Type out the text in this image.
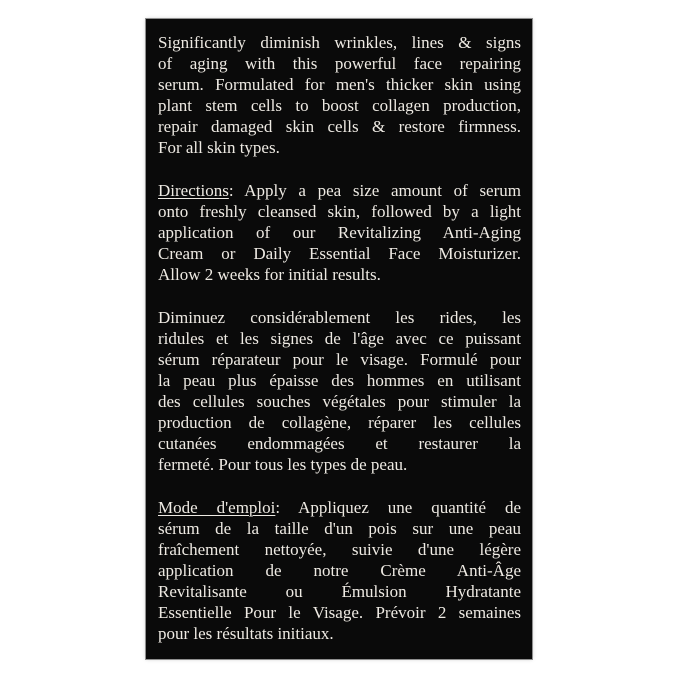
Significantly diminish wrinkles, lines & signs
of aging with this powerful face repairing
serum. Formulated for men's thicker skin using
plant stem cells to boost collagen production,
repair damaged skin cells & restore firmness.
For all skin types.
Directions: Apply a pea size amount of serum
onto freshly cleansed skin, followed by a light
application of our Revitalizing Anti-Aging
Cream or Daily Essential Face Moisturizer.
Allow 2 weeks for initial results.
Diminuez considérablement les rides, les
ridules et les signes de l'âge avec ce puissant
sérum réparateur pour le visage. Formulé pour
la peau plus épaisse des hommes en utilisant
des cellules souches végétales pour stimuler la
production de collagène, réparer les cellules
cutanées endommagées et restaurer la
fermeté. Pour tous les types de peau.
Mode d'emploi: Appliquez une quantité de
sérum de la taille d'un pois sur une peau
fraîchement nettoyée, suivie d'une légère
application de notre Crème Anti-Âge
Revitalisante ou Émulsion Hydratante
Essentielle Pour le Visage. Prévoir 2 semaines
pour les résultats initiaux.
